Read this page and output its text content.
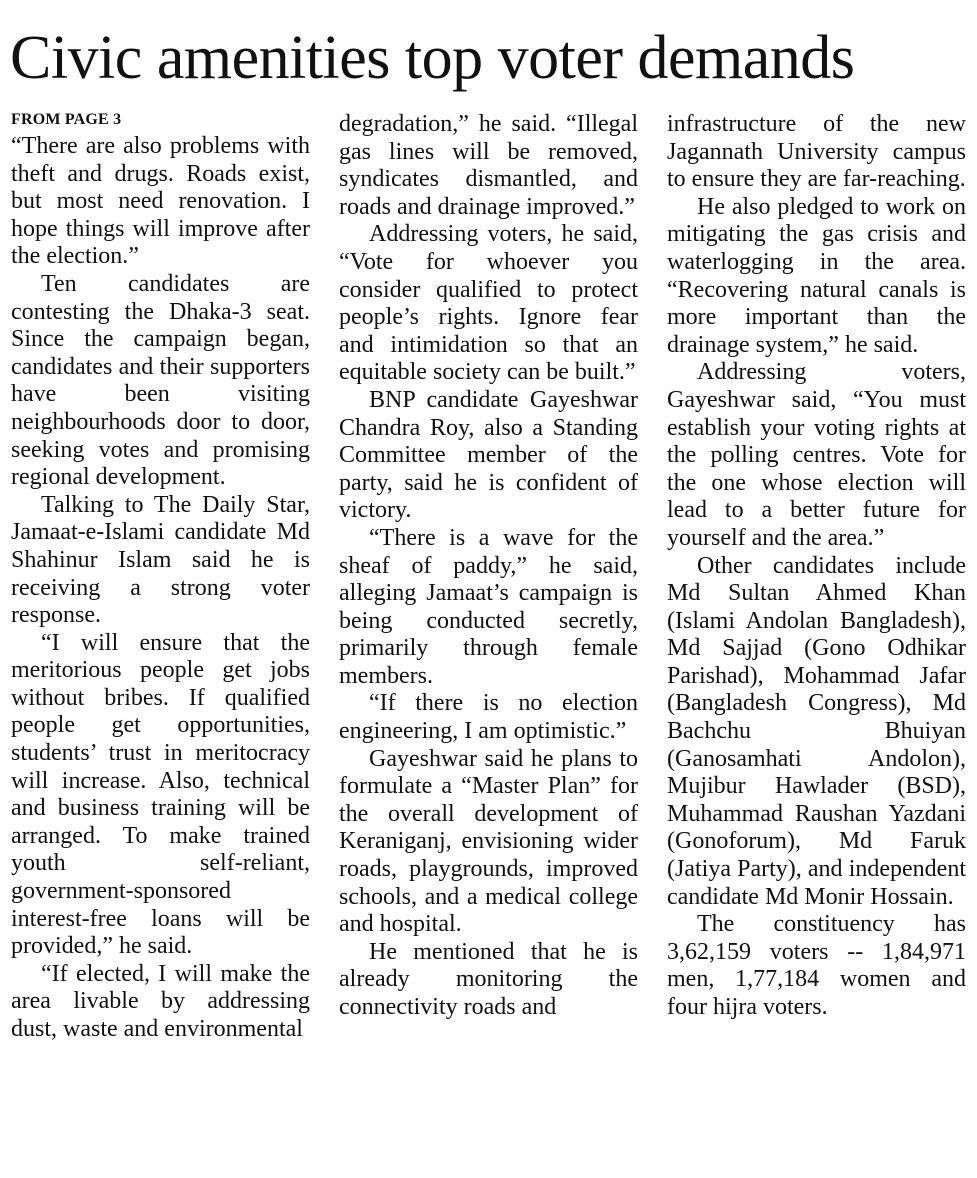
Civic amenities top voter demands
FROM PAGE 3

“There are also problems with theft and drugs. Roads exist, but most need renovation. I hope things will improve after the election.”

Ten candidates are contesting the Dhaka-3 seat. Since the campaign began, candidates and their supporters have been visiting neighbourhoods door to door, seeking votes and promising regional development.

Talking to The Daily Star, Jamaat-e-Islami candidate Md Shahinur Islam said he is receiving a strong voter response.

“I will ensure that the meritorious people get jobs without bribes. If qualified people get opportunities, students’ trust in meritocracy will increase. Also, technical and business training will be arranged. To make trained youth self-reliant, government-sponsored interest-free loans will be provided,” he said.

“If elected, I will make the area livable by addressing dust, waste and environmental

degradation,” he said. “Illegal gas lines will be removed, syndicates dismantled, and roads and drainage improved.”

Addressing voters, he said, “Vote for whoever you consider qualified to protect people’s rights. Ignore fear and intimidation so that an equitable society can be built.”

BNP candidate Gayeshwar Chandra Roy, also a Standing Committee member of the party, said he is confident of victory.

“There is a wave for the sheaf of paddy,” he said, alleging Jamaat’s campaign is being conducted secretly, primarily through female members.

“If there is no election engineering, I am optimistic.”

Gayeshwar said he plans to formulate a “Master Plan” for the overall development of Keraniganj, envisioning wider roads, playgrounds, improved schools, and a medical college and hospital.

He mentioned that he is already monitoring the connectivity roads and

infrastructure of the new Jagannath University campus to ensure they are far-reaching.

He also pledged to work on mitigating the gas crisis and waterlogging in the area. “Recovering natural canals is more important than the drainage system,” he said.

Addressing voters, Gayeshwar said, “You must establish your voting rights at the polling centres. Vote for the one whose election will lead to a better future for yourself and the area.”

Other candidates include Md Sultan Ahmed Khan (Islami Andolan Bangladesh), Md Sajjad (Gono Odhikar Parishad), Mohammad Jafar (Bangladesh Congress), Md Bachchu Bhuiyan (Ganosamhati Andolon), Mujibur Hawlader (BSD), Muhammad Raushan Yazdani (Gonoforum), Md Faruk (Jatiya Party), and independent candidate Md Monir Hossain.

The constituency has 3,62,159 voters -- 1,84,971 men, 1,77,184 women and four hijra voters.
